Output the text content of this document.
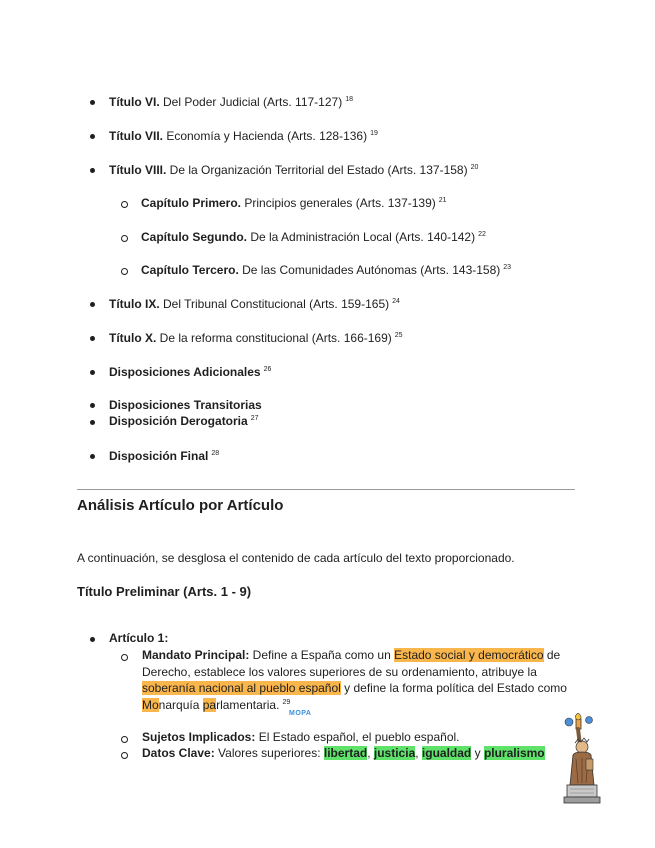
Título VI. Del Poder Judicial (Arts. 117-127) $^{18}$
Título VII. Economía y Hacienda (Arts. 128-136) $^{19}$
Título VIII. De la Organización Territorial del Estado (Arts. 137-158) $^{20}$
Capítulo Primero. Principios generales (Arts. 137-139) $^{21}$
Capítulo Segundo. De la Administración Local (Arts. 140-142) $^{22}$
Capítulo Tercero. De las Comunidades Autónomas (Arts. 143-158) $^{23}$
Título IX. Del Tribunal Constitucional (Arts. 159-165) $^{24}$
Título X. De la reforma constitucional (Arts. 166-169) $^{25}$
Disposiciones Adicionales $^{26}$
Disposiciones Transitorias
Disposición Derogatoria $^{27}$
Disposición Final $^{28}$
Análisis Artículo por Artículo
A continuación, se desglosa el contenido de cada artículo del texto proporcionado.
Título Preliminar (Arts. 1 - 9)
Artículo 1:
Mandato Principal: Define a España como un Estado social y democrático de Derecho, establece los valores superiores de su ordenamiento, atribuye la soberanía nacional al pueblo español y define la forma política del Estado como Monarquía parlamentaria. $^{29}$
MOPA
Sujetos Implicados: El Estado español, el pueblo español.
Datos Clave: Valores superiores: libertad, justicia, igualdad y pluralismo
